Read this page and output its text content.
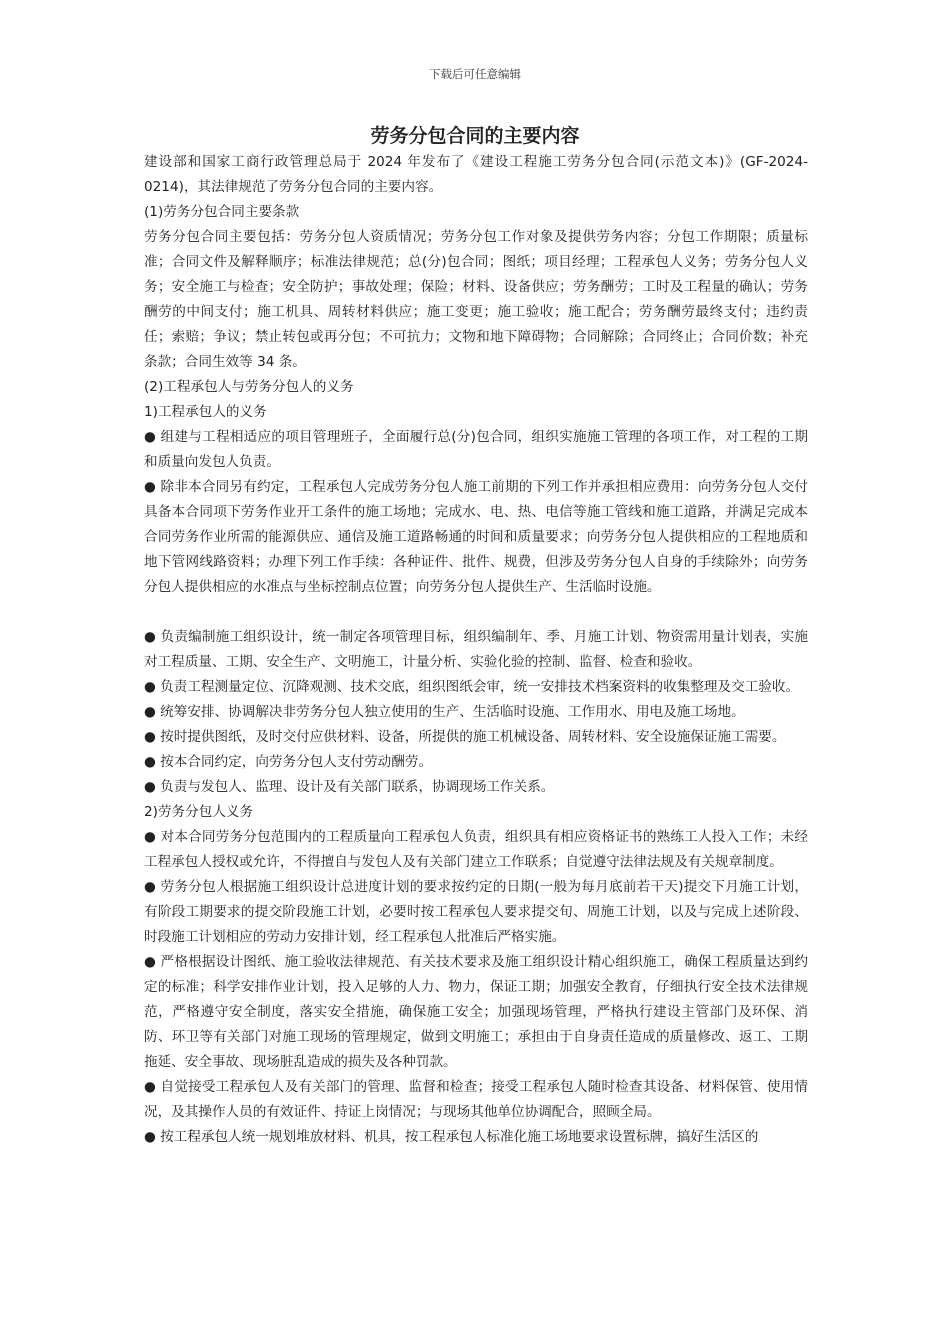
下载后可任意编辑
劳务分包合同的主要内容

建设部和国家工商行政管理总局于 2024 年发布了《建设工程施工劳务分包合同(示范文本)》(GF-2024-0214)，其法律规范了劳务分包合同的主要内容。

(1)劳务分包合同主要条款

劳务分包合同主要包括：劳务分包人资质情况；劳务分包工作对象及提供劳务内容；分包工作期限；质量标准；合同文件及解释顺序；标准法律规范；总(分)包合同；图纸；项目经理；工程承包人义务；劳务分包人义务；安全施工与检查；安全防护；事故处理；保险；材料、设备供应；劳务酬劳；工时及工程量的确认；劳务酬劳的中间支付；施工机具、周转材料供应；施工变更；施工验收；施工配合；劳务酬劳最终支付；违约责任；索赔；争议；禁止转包或再分包；不可抗力；文物和地下障碍物；合同解除；合同终止；合同价数；补充条款；合同生效等 34 条。

(2)工程承包人与劳务分包人的义务

1)工程承包人的义务

● 组建与工程相适应的项目管理班子，全面履行总(分)包合同，组织实施施工管理的各项工作，对工程的工期和质量向发包人负责。

● 除非本合同另有约定，工程承包人完成劳务分包人施工前期的下列工作并承担相应费用：向劳务分包人交付具备本合同项下劳务作业开工条件的施工场地；完成水、电、热、电信等施工管线和施工道路，并满足完成本合同劳务作业所需的能源供应、通信及施工道路畅通的时间和质量要求；向劳务分包人提供相应的工程地质和地下管网线路资料；办理下列工作手续：各种证件、批件、规费，但涉及劳务分包人自身的手续除外；向劳务分包人提供相应的水准点与坐标控制点位置；向劳务分包人提供生产、生活临时设施。

● 负责编制施工组织设计，统一制定各项管理目标，组织编制年、季、月施工计划、物资需用量计划表，实施对工程质量、工期、安全生产、文明施工，计量分析、实验化验的控制、监督、检查和验收。

● 负责工程测量定位、沉降观测、技术交底，组织图纸会审，统一安排技术档案资料的收集整理及交工验收。

● 统筹安排、协调解决非劳务分包人独立使用的生产、生活临时设施、工作用水、用电及施工场地。

● 按时提供图纸，及时交付应供材料、设备，所提供的施工机械设备、周转材料、安全设施保证施工需要。

● 按本合同约定，向劳务分包人支付劳动酬劳。

● 负责与发包人、监理、设计及有关部门联系，协调现场工作关系。

2)劳务分包人义务

● 对本合同劳务分包范围内的工程质量向工程承包人负责，组织具有相应资格证书的熟练工人投入工作；未经工程承包人授权或允许，不得擅自与发包人及有关部门建立工作联系；自觉遵守法律法规及有关规章制度。

● 劳务分包人根据施工组织设计总进度计划的要求按约定的日期(一般为每月底前若干天)提交下月施工计划，有阶段工期要求的提交阶段施工计划，必要时按工程承包人要求提交旬、周施工计划，以及与完成上述阶段、时段施工计划相应的劳动力安排计划，经工程承包人批准后严格实施。

● 严格根据设计图纸、施工验收法律规范、有关技术要求及施工组织设计精心组织施工，确保工程质量达到约定的标准；科学安排作业计划，投入足够的人力、物力，保证工期；加强安全教育，仔细执行安全技术法律规范，严格遵守安全制度，落实安全措施，确保施工安全；加强现场管理，严格执行建设主管部门及环保、消防、环卫等有关部门对施工现场的管理规定，做到文明施工；承担由于自身责任造成的质量修改、返工、工期拖延、安全事故、现场脏乱造成的损失及各种罚款。

● 自觉接受工程承包人及有关部门的管理、监督和检查；接受工程承包人随时检查其设备、材料保管、使用情况，及其操作人员的有效证件、持证上岗情况；与现场其他单位协调配合，照顾全局。

● 按工程承包人统一规划堆放材料、机具，按工程承包人标准化施工场地要求设置标牌，搞好生活区的
